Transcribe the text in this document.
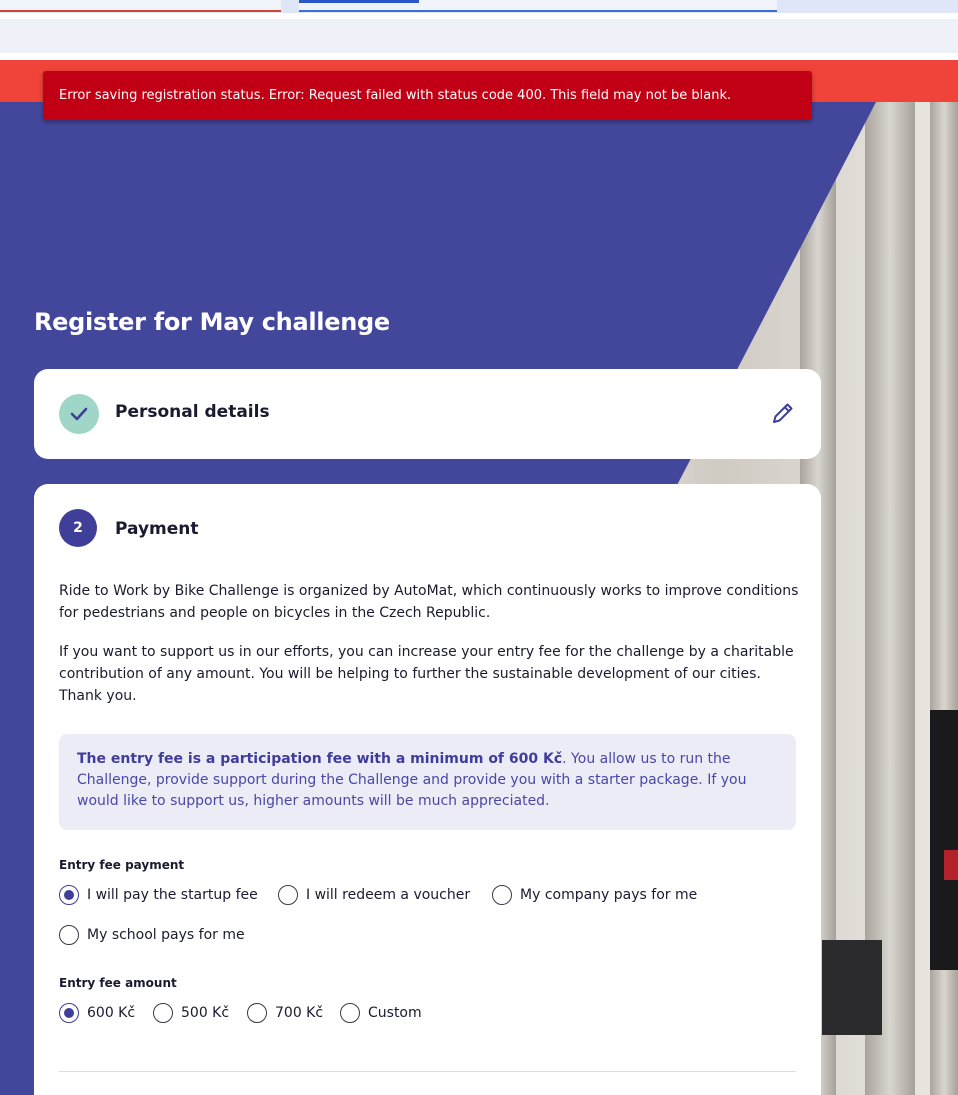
Error saving registration status. Error: Request failed with status code 400. This field may not be blank.
Register for May challenge
Personal details
2	Payment

Ride to Work by Bike Challenge is organized by AutoMat, which continuously works to improve conditions for pedestrians and people on bicycles in the Czech Republic.

If you want to support us in our efforts, you can increase your entry fee for the challenge by a charitable contribution of any amount. You will be helping to further the sustainable development of our cities. Thank you.

The entry fee is a participation fee with a minimum of 600 Kč. You allow us to run the Challenge, provide support during the Challenge and provide you with a starter package. If you would like to support us, higher amounts will be much appreciated.
Entry fee payment
I will pay the startup fee	I will redeem a voucher	My company pays for me
My school pays for me
Entry fee amount
600 Kč	500 Kč	700 Kč	Custom
